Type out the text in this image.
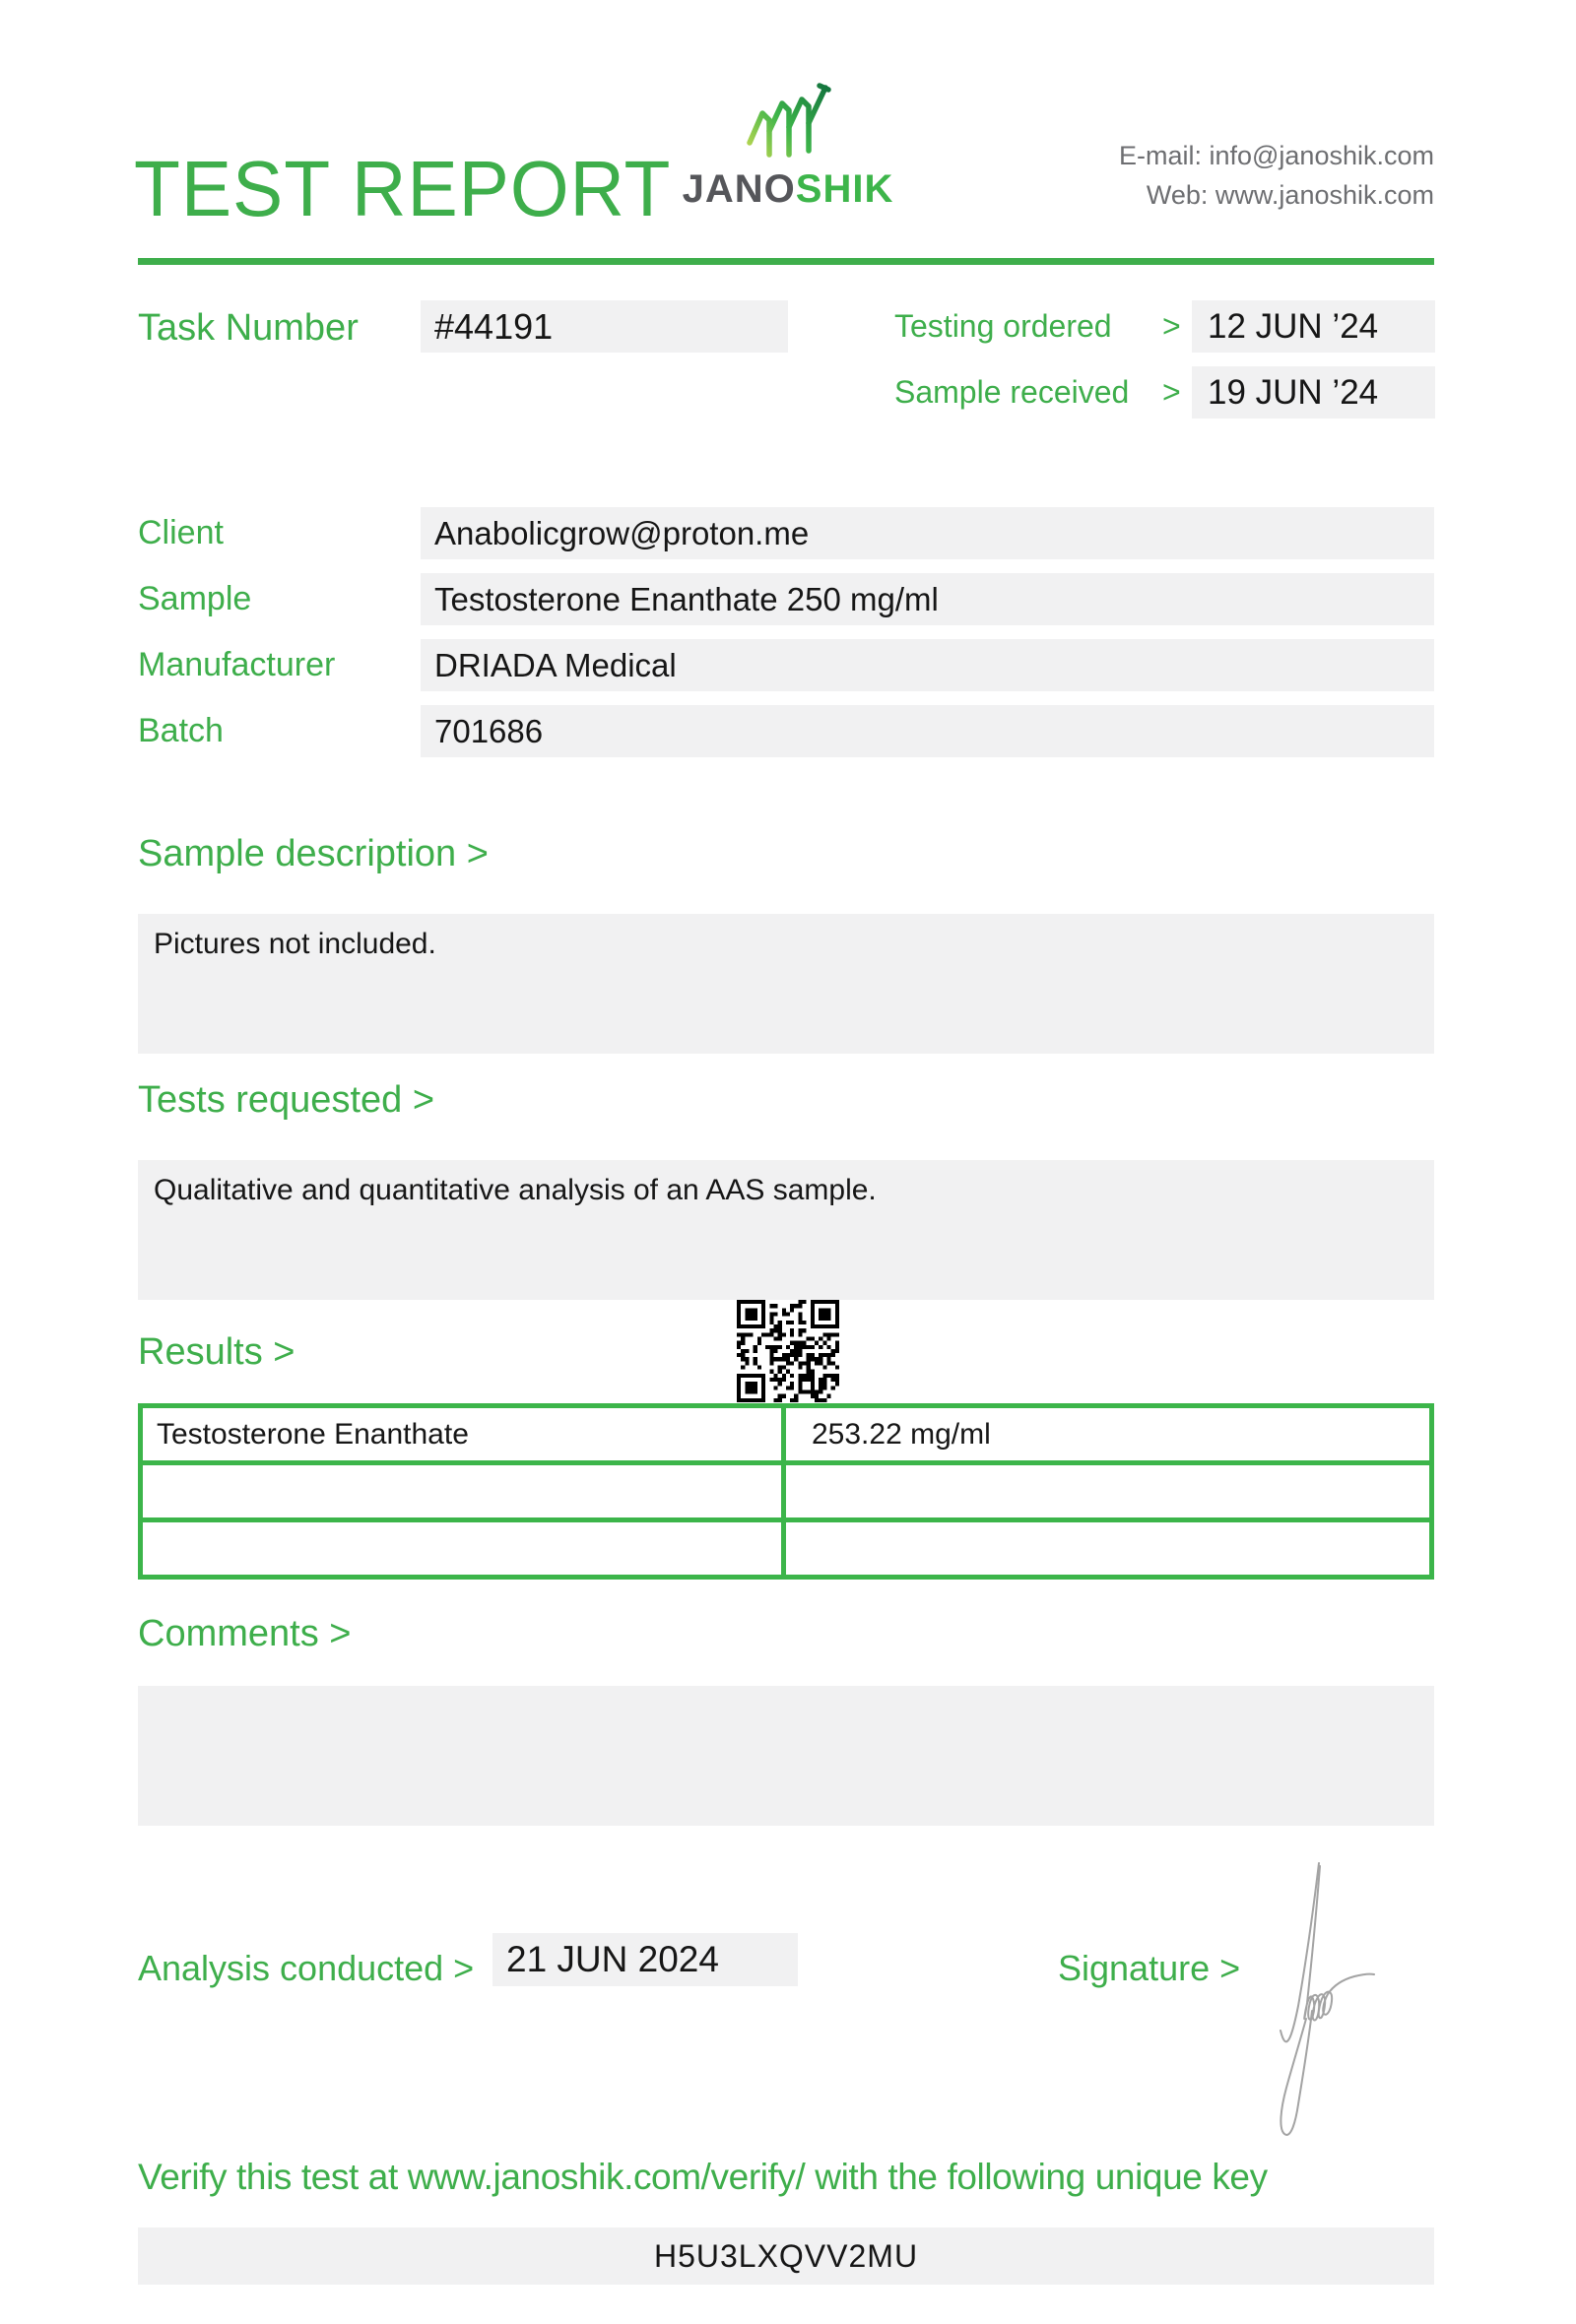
TEST REPORT JANOSHIK
E-mail: info@janoshik.com
Web: www.janoshik.com
Task Number	#44191	Testing ordered	> 12 JUN ’24
Sample received	> 19 JUN ’24
Client	Anabolicgrow@proton.me
Sample	Testosterone Enanthate 250 mg/ml
Manufacturer	DRIADA Medical
Batch	701686
Sample description >
Pictures not included.
Tests requested >
Qualitative and quantitative analysis of an AAS sample.
Results >
Testosterone Enanthate	253.22 mg/ml

Comments >
Analysis conducted > 21 JUN 2024	Signature >
Verify this test at www.janoshik.com/verify/ with the following unique key
H5U3LXQVV2MU
